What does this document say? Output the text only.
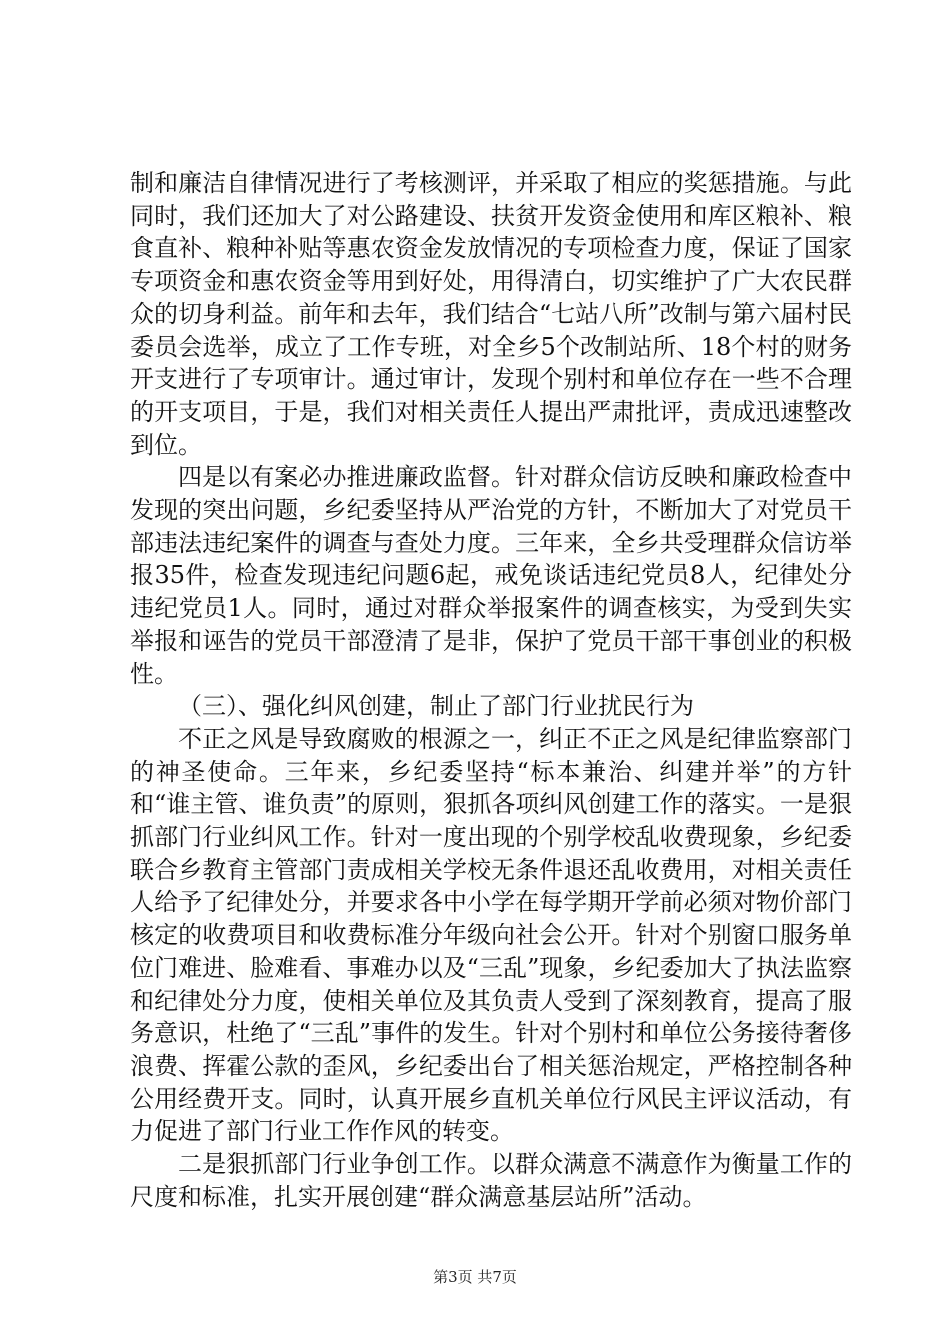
制和廉洁自律情况进行了考核测评，并采取了相应的奖惩措施。与此同时，我们还加大了对公路建设、扶贫开发资金使用和库区粮补、粮食直补、粮种补贴等惠农资金发放情况的专项检查力度，保证了国家专项资金和惠农资金等用到好处，用得清白，切实维护了广大农民群众的切身利益。前年和去年，我们结合“七站八所”改制与第六届村民委员会选举，成立了工作专班，对全乡5个改制站所、18个村的财务开支进行了专项审计。通过审计，发现个别村和单位存在一些不合理的开支项目，于是，我们对相关责任人提出严肃批评，责成迅速整改到位。

四是以有案必办推进廉政监督。针对群众信访反映和廉政检查中发现的突出问题，乡纪委坚持从严治党的方针，不断加大了对党员干部违法违纪案件的调查与查处力度。三年来，全乡共受理群众信访举报35件，检查发现违纪问题6起，戒免谈话违纪党员8人，纪律处分违纪党员1人。同时，通过对群众举报案件的调查核实，为受到失实举报和诬告的党员干部澄清了是非，保护了党员干部干事创业的积极性。

（三）、强化纠风创建，制止了部门行业扰民行为

不正之风是导致腐败的根源之一，纠正不正之风是纪律监察部门的神圣使命。三年来，乡纪委坚持“标本兼治、纠建并举”的方针和“谁主管、谁负责”的原则，狠抓各项纠风创建工作的落实。一是狠抓部门行业纠风工作。针对一度出现的个别学校乱收费现象，乡纪委联合乡教育主管部门责成相关学校无条件退还乱收费用，对相关责任人给予了纪律处分，并要求各中小学在每学期开学前必须对物价部门核定的收费项目和收费标准分年级向社会公开。针对个别窗口服务单位门难进、脸难看、事难办以及“三乱”现象，乡纪委加大了执法监察和纪律处分力度，使相关单位及其负责人受到了深刻教育，提高了服务意识，杜绝了“三乱”事件的发生。针对个别村和单位公务接待奢侈浪费、挥霍公款的歪风，乡纪委出台了相关惩治规定，严格控制各种公用经费开支。同时，认真开展乡直机关单位行风民主评议活动，有力促进了部门行业工作作风的转变。

二是狠抓部门行业争创工作。以群众满意不满意作为衡量工作的尺度和标准，扎实开展创建“群众满意基层站所”活动。

第3页 共7页
